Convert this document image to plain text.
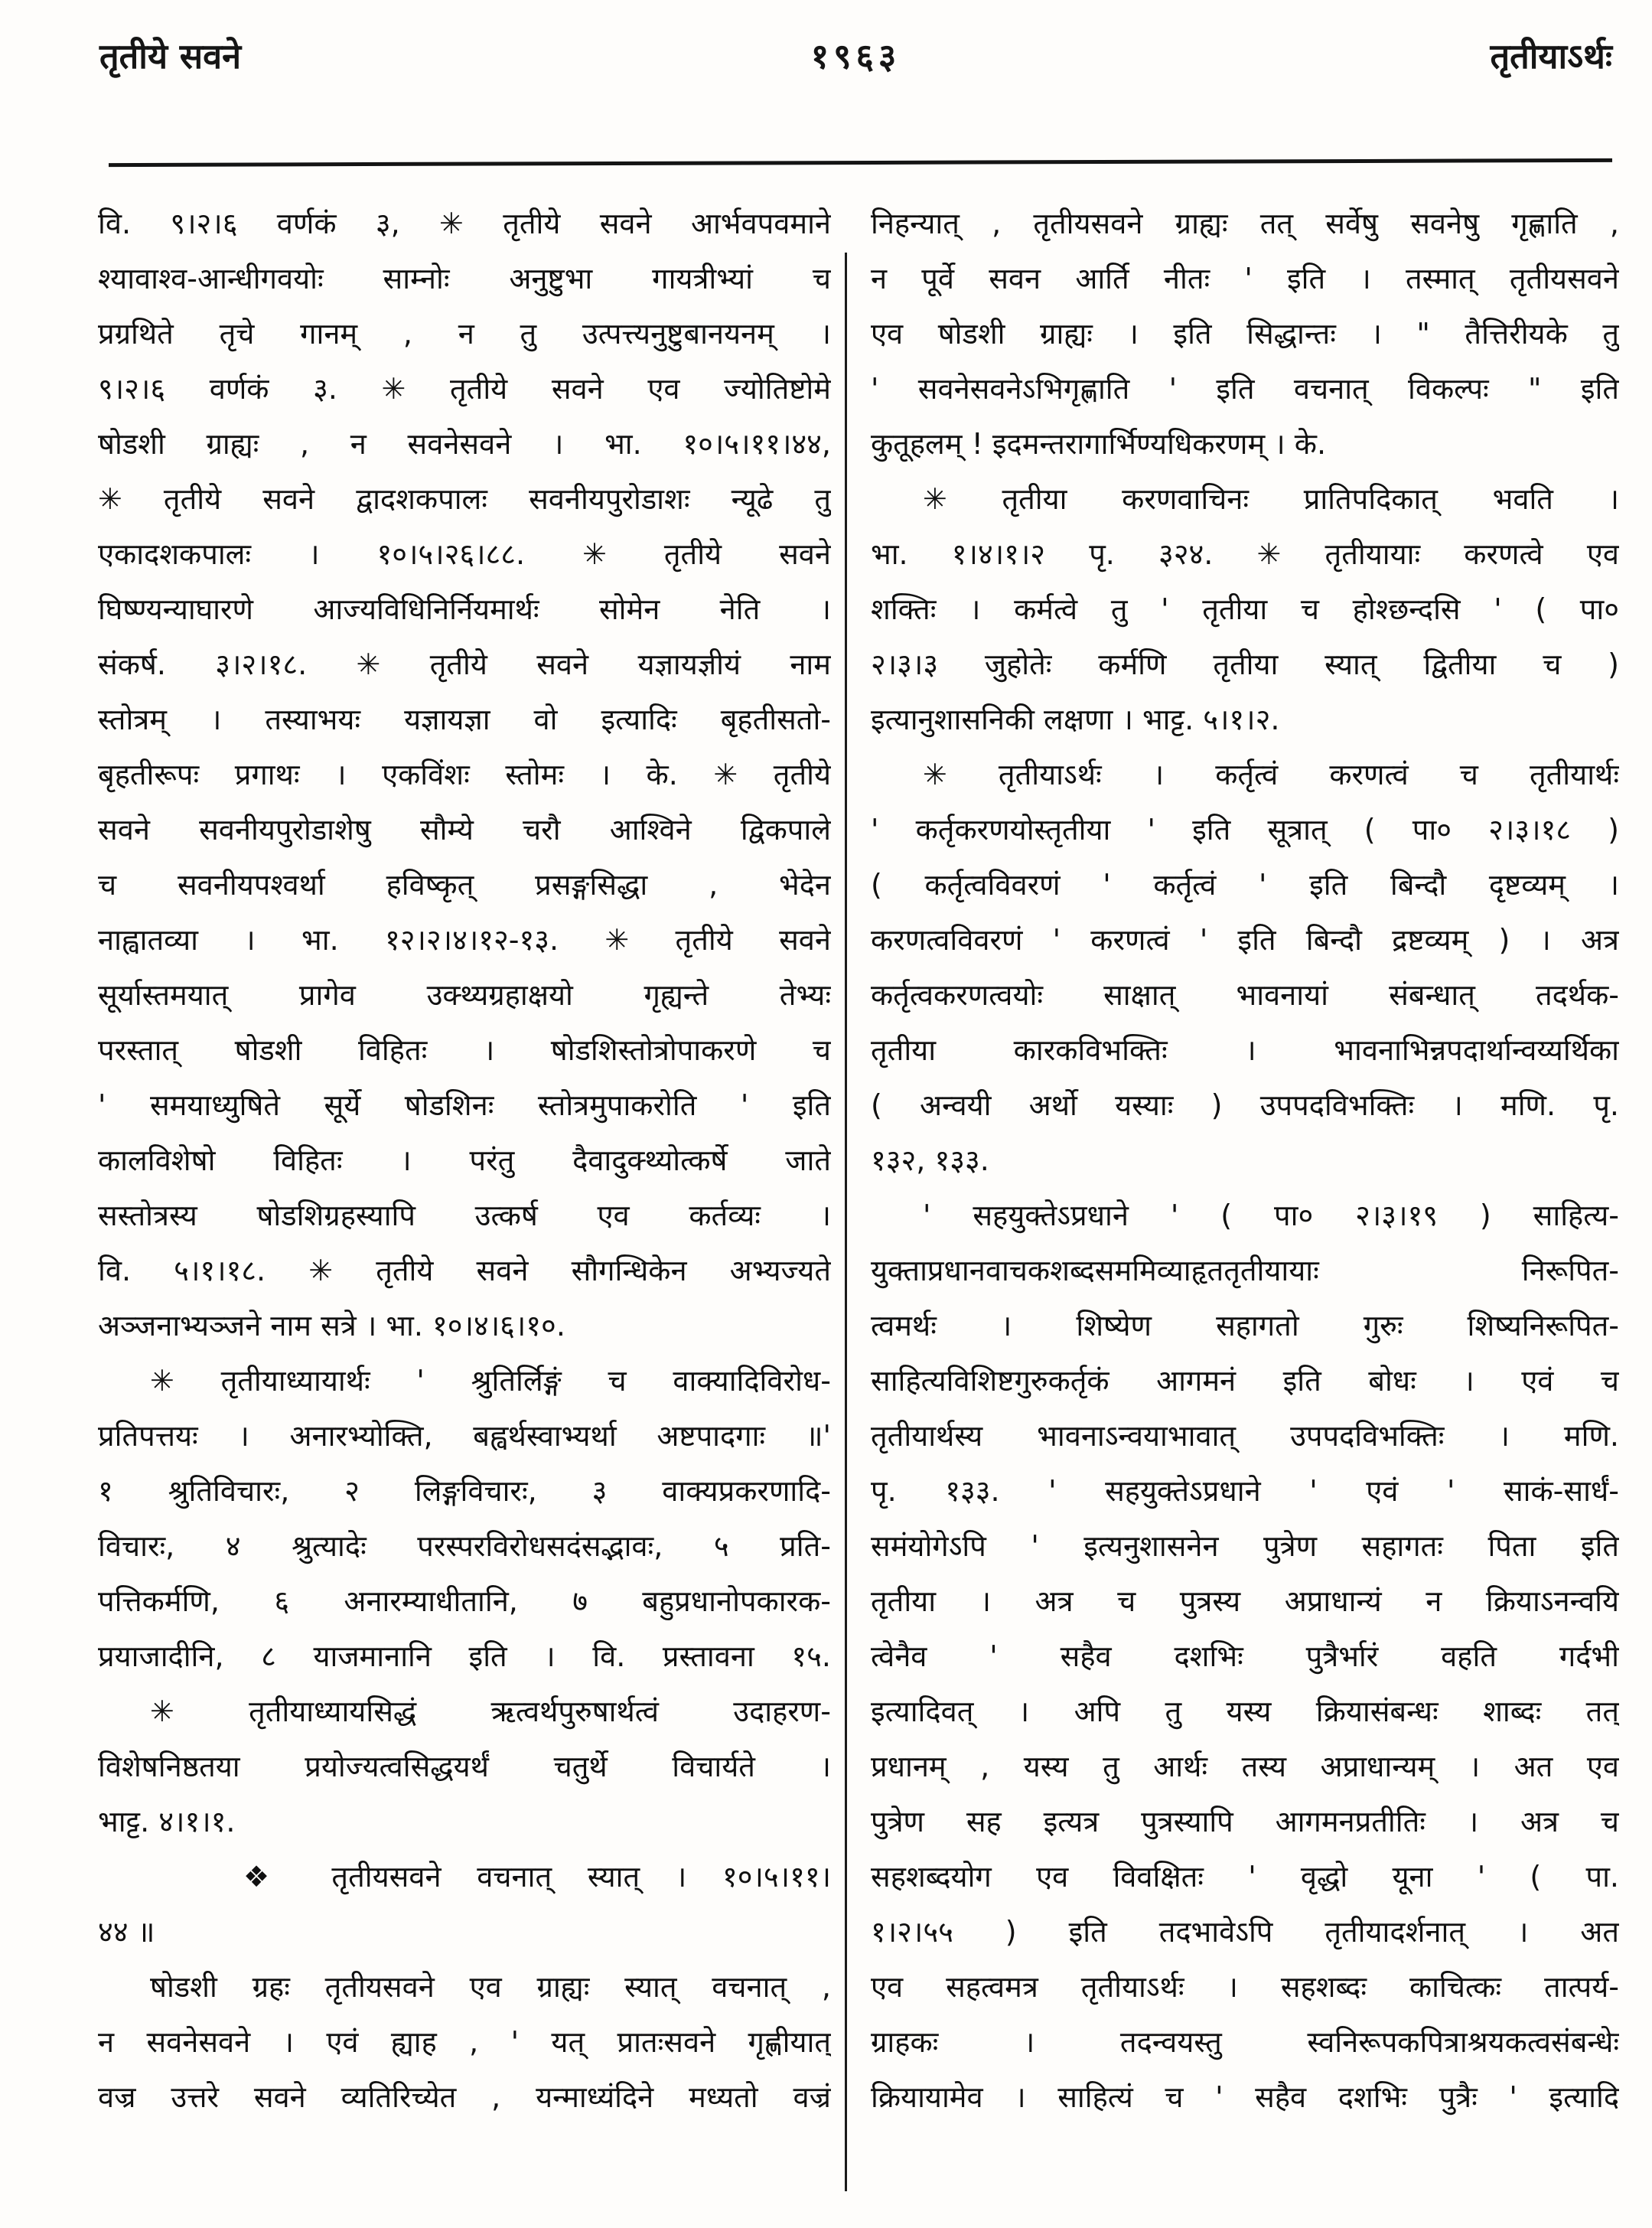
तृतीये सवने	१९६३	तृतीयाऽर्थः

वि. ९।२।६ वर्णकं ३, ✳ तृतीये सवने आर्भवपवमाने

श्यावाश्व-आन्धीगवयोः साम्नोः अनुष्टुभा गायत्रीभ्यां च

प्रग्रथिते तृचे गानम् , न तु उत्पत्त्यनुष्टुबानयनम् ।

९।२।६ वर्णकं ३. ✳ तृतीये सवने एव ज्योतिष्टोमे

षोडशी ग्राह्यः , न सवनेसवने । भा. १०।५।११।४४,

✳ तृतीये सवने द्वादशकपालः सवनीयपुरोडाशः न्यूढे तु

एकादशकपालः । १०।५।२६।८८. ✳ तृतीये सवने

घिष्ण्यन्याघारणे आज्यविधिनिर्नियमार्थः सोमेन नेति ।

संकर्ष. ३।२।१८. ✳ तृतीये सवने यज्ञायज्ञीयं नाम

स्तोत्रम् । तस्याभयः यज्ञायज्ञा वो इत्यादिः बृहतीसतो-

बृहतीरूपः प्रगाथः । एकविंशः स्तोमः । के. ✳ तृतीये

सवने सवनीयपुरोडाशेषु सौम्ये चरौ आश्विने द्विकपाले

च सवनीयपश्वर्था हविष्कृत् प्रसङ्गसिद्धा , भेदेन

नाह्वातव्या । भा. १२।२।४।१२-१३. ✳ तृतीये सवने

सूर्यास्तमयात् प्रागेव उक्थ्यग्रहाक्षयो गृह्यन्ते तेभ्यः

परस्तात् षोडशी विहितः । षोडशिस्तोत्रोपाकरणे च

' समयाध्युषिते सूर्ये षोडशिनः स्तोत्रमुपाकरोति ' इति

कालविशेषो विहितः । परंतु दैवादुक्थ्योत्कर्षे जाते

सस्तोत्रस्य षोडशिग्रहस्यापि उत्कर्ष एव कर्तव्यः ।

वि. ५।१।१८. ✳ तृतीये सवने सौगन्धिकेन अभ्यज्यते

अञ्जनाभ्यञ्जने नाम सत्रे । भा. १०।४।६।१०.

✳ तृतीयाध्यायार्थः ' श्रुतिर्लिङ्गं च वाक्यादिविरोध-

प्रतिपत्तयः । अनारभ्योक्ति, बह्वर्थस्वाभ्यर्था अष्टपादगाः ॥'

१ श्रुतिविचारः, २ लिङ्गविचारः, ३ वाक्यप्रकरणादि-

विचारः, ४ श्रुत्यादेः परस्परविरोधसदंसद्भावः, ५ प्रति-

पत्तिकर्मणि, ६ अनारम्याधीतानि, ७ बहुप्रधानोपकारक-

प्रयाजादीनि, ८ याजमानानि इति । वि. प्रस्तावना १५.

✳ तृतीयाध्यायसिद्धं ऋत्वर्थपुरुषार्थत्वं उदाहरण-

विशेषनिष्ठतया प्रयोज्यत्वसिद्धयर्थं चतुर्थे विचार्यते ।

भाट्ट. ४।१।१.

❖ तृतीयसवने वचनात् स्यात् । १०।५।११।

४४ ॥

षोडशी ग्रहः तृतीयसवने एव ग्राह्यः स्यात् वचनात् ,

न सवनेसवने । एवं ह्याह , ' यत् प्रातःसवने गृह्णीयात्

वज्र उत्तरे सवने व्यतिरिच्येत , यन्माध्यंदिने मध्यतो वज्रं

निहन्यात् , तृतीयसवने ग्राह्यः तत् सर्वेषु सवनेषु गृह्णाति ,

न पूर्वे सवन आर्ति नीतः ' इति । तस्मात् तृतीयसवने

एव षोडशी ग्राह्यः । इति सिद्धान्तः । " तैत्तिरीयके तु

' सवनेसवनेऽभिगृह्णाति ' इति वचनात् विकल्पः " इति

कुतूहलम् ! इदमन्तरागार्भिण्यधिकरणम् । के.

✳ तृतीया करणवाचिनः प्रातिपदिकात् भवति ।

भा. १।४।१।२ पृ. ३२४. ✳ तृतीयायाः करणत्वे एव

शक्तिः । कर्मत्वे तु ' तृतीया च होश्छन्दसि ' ( पा०

२।३।३ जुहोतेः कर्मणि तृतीया स्यात् द्वितीया च )

इत्यानुशासनिकी लक्षणा । भाट्ट. ५।१।२.

✳ तृतीयाऽर्थः । कर्तृत्वं करणत्वं च तृतीयार्थः

' कर्तृकरणयोस्तृतीया ' इति सूत्रात् ( पा० २।३।१८ )

( कर्तृत्वविवरणं ' कर्तृत्वं ' इति बिन्दौ दृष्टव्यम् ।

करणत्वविवरणं ' करणत्वं ' इति बिन्दौ द्रष्टव्यम् ) । अत्र

कर्तृत्वकरणत्वयोः साक्षात् भावनायां संबन्धात् तदर्थक-

तृतीया कारकविभक्तिः । भावनाभिन्नपदार्थान्वय्यर्थिका

( अन्वयी अर्थो यस्याः ) उपपदविभक्तिः । मणि. पृ.

१३२, १३३.

' सहयुक्तेऽप्रधाने ' ( पा० २।३।१९ ) साहित्य-

युक्ताप्रधानवाचकशब्दसममिव्याहृततृतीयायाः निरूपित-

त्वमर्थः । शिष्येण सहागतो गुरुः शिष्यनिरूपित-

साहित्यविशिष्टगुरुकर्तृकं आगमनं इति बोधः । एवं च

तृतीयार्थस्य भावनाऽन्वयाभावात् उपपदविभक्तिः । मणि.

पृ. १३३. ' सहयुक्तेऽप्रधाने ' एवं ' साकं-सार्धं-

समंयोगेऽपि ' इत्यनुशासनेन पुत्रेण सहागतः पिता इति

तृतीया । अत्र च पुत्रस्य अप्राधान्यं न क्रियाऽनन्वयि

त्वेनैव ' सहैव दशभिः पुत्रैर्भारं वहति गर्दभी

इत्यादिवत् । अपि तु यस्य क्रियासंबन्धः शाब्दः तत्

प्रधानम् , यस्य तु आर्थः तस्य अप्राधान्यम् । अत एव

पुत्रेण सह इत्यत्र पुत्रस्यापि आगमनप्रतीतिः । अत्र च

सहशब्दयोग एव विवक्षितः ' वृद्धो यूना ' ( पा.

१।२।५५ ) इति तदभावेऽपि तृतीयादर्शनात् । अत

एव सहत्वमत्र तृतीयाऽर्थः । सहशब्दः काचित्कः तात्पर्य-

ग्राहकः । तदन्वयस्तु स्वनिरूपकपित्राश्रयकत्वसंबन्धेः

क्रियायामेव । साहित्यं च ' सहैव दशभिः पुत्रैः ' इत्यादि
